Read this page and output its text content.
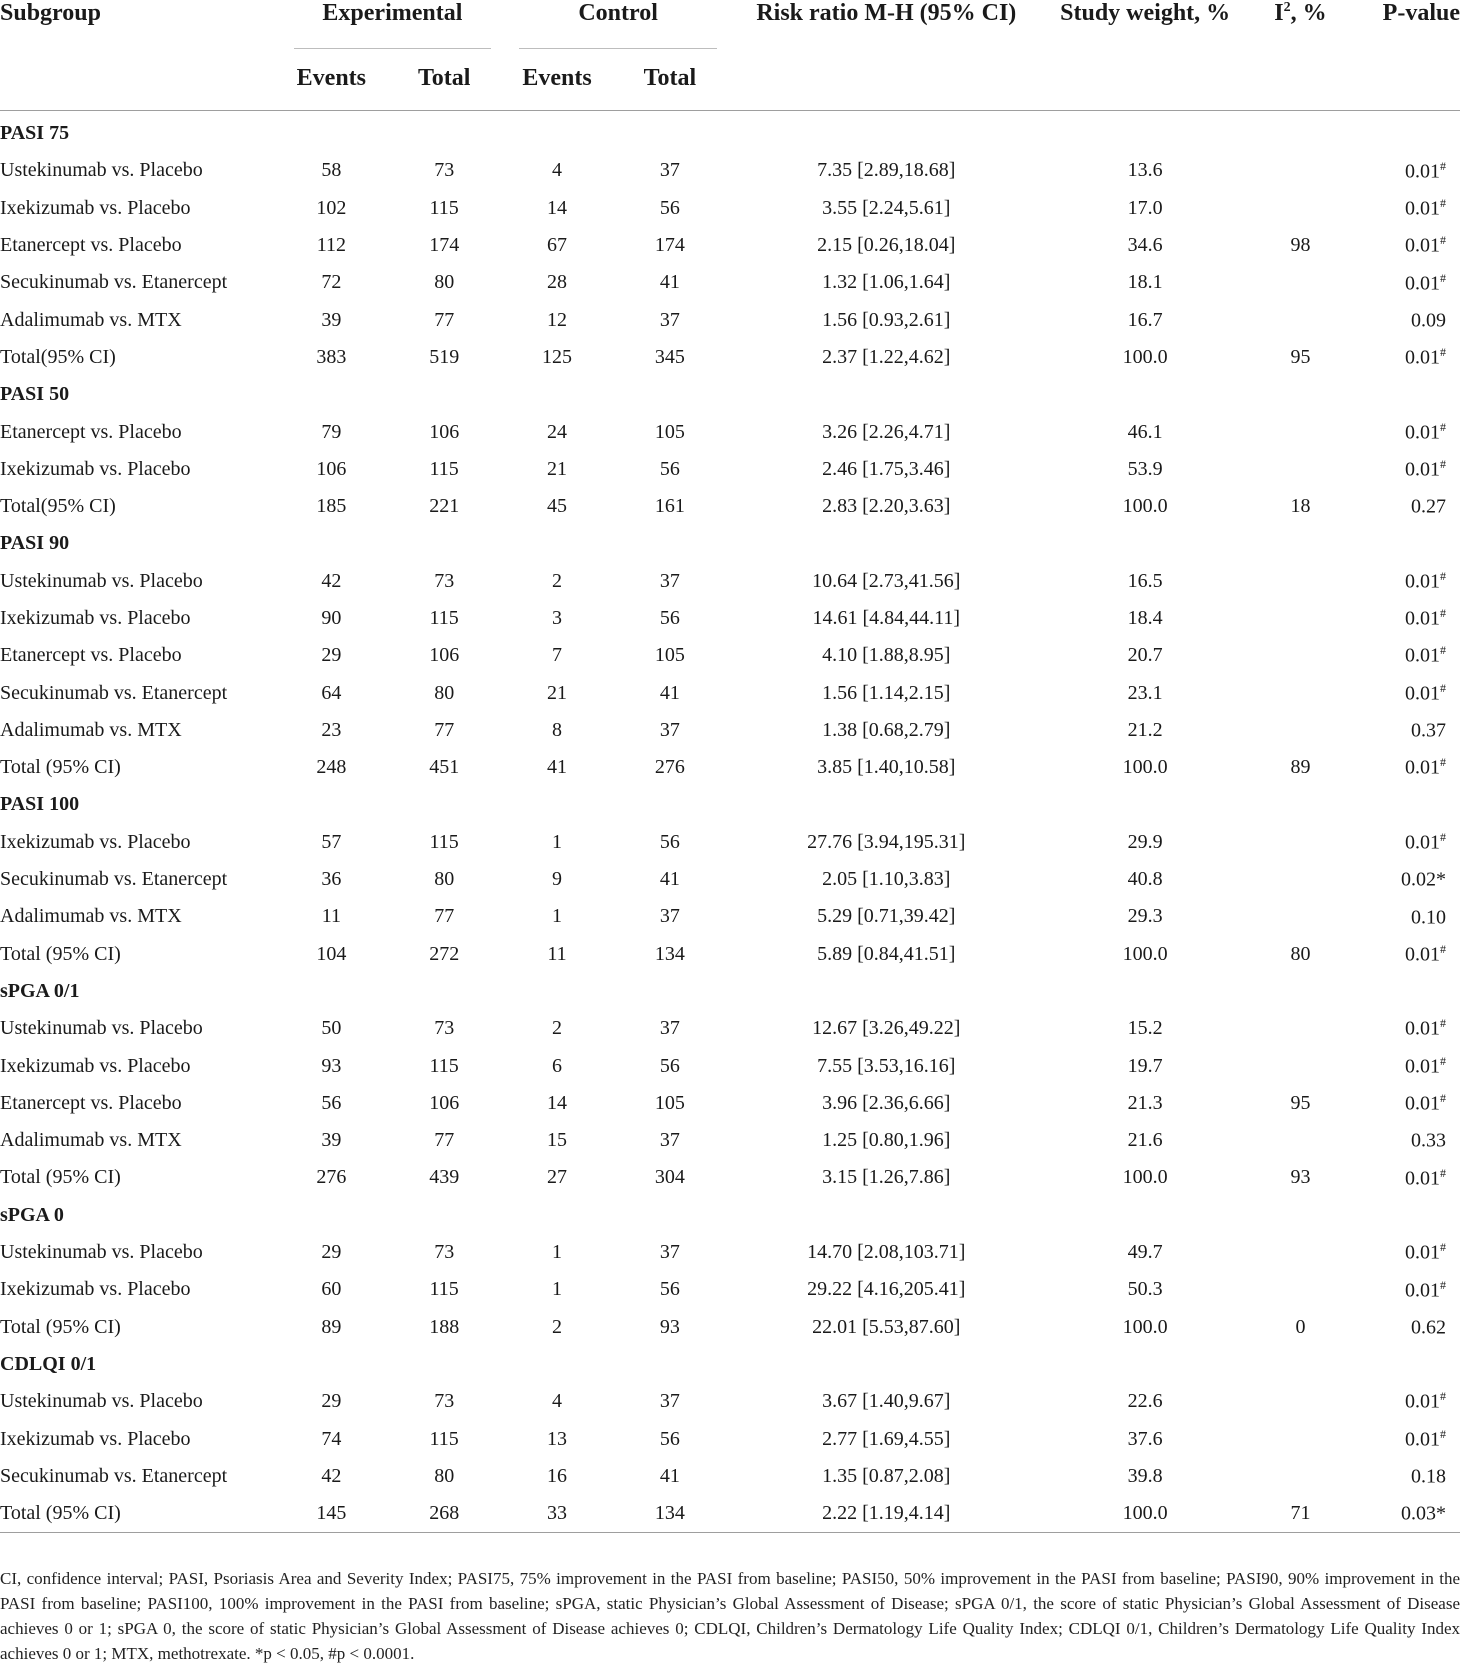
Subgroup	Experimental		Control		Risk ratio M-H (95% CI)	Study weight, %	$I^2$, %	P-value

	Events	Total	Events	Total				

PASI 75								
Ustekinumab vs. Placebo	58	73	4	37	7.35 [2.89,18.68]	13.6		0.01#
Ixekizumab vs. Placebo	102	115	14	56	3.55 [2.24,5.61]	17.0		0.01#
Etanercept vs. Placebo	112	174	67	174	2.15 [0.26,18.04]	34.6	98	0.01#
Secukinumab vs. Etanercept	72	80	28	41	1.32 [1.06,1.64]	18.1		0.01#
Adalimumab vs. MTX	39	77	12	37	1.56 [0.93,2.61]	16.7		0.09
Total(95% CI)	383	519	125	345	2.37 [1.22,4.62]	100.0	95	0.01#
PASI 50								
Etanercept vs. Placebo	79	106	24	105	3.26 [2.26,4.71]	46.1		0.01#
Ixekizumab vs. Placebo	106	115	21	56	2.46 [1.75,3.46]	53.9		0.01#
Total(95% CI)	185	221	45	161	2.83 [2.20,3.63]	100.0	18	0.27
PASI 90								
Ustekinumab vs. Placebo	42	73	2	37	10.64 [2.73,41.56]	16.5		0.01#
Ixekizumab vs. Placebo	90	115	3	56	14.61 [4.84,44.11]	18.4		0.01#
Etanercept vs. Placebo	29	106	7	105	4.10 [1.88,8.95]	20.7		0.01#
Secukinumab vs. Etanercept	64	80	21	41	1.56 [1.14,2.15]	23.1		0.01#
Adalimumab vs. MTX	23	77	8	37	1.38 [0.68,2.79]	21.2		0.37
Total (95% CI)	248	451	41	276	3.85 [1.40,10.58]	100.0	89	0.01#
PASI 100								
Ixekizumab vs. Placebo	57	115	1	56	27.76 [3.94,195.31]	29.9		0.01#
Secukinumab vs. Etanercept	36	80	9	41	2.05 [1.10,3.83]	40.8		0.02*
Adalimumab vs. MTX	11	77	1	37	5.29 [0.71,39.42]	29.3		0.10
Total (95% CI)	104	272	11	134	5.89 [0.84,41.51]	100.0	80	0.01#
sPGA 0/1								
Ustekinumab vs. Placebo	50	73	2	37	12.67 [3.26,49.22]	15.2		0.01#
Ixekizumab vs. Placebo	93	115	6	56	7.55 [3.53,16.16]	19.7		0.01#
Etanercept vs. Placebo	56	106	14	105	3.96 [2.36,6.66]	21.3	95	0.01#
Adalimumab vs. MTX	39	77	15	37	1.25 [0.80,1.96]	21.6		0.33
Total (95% CI)	276	439	27	304	3.15 [1.26,7.86]	100.0	93	0.01#
sPGA 0								
Ustekinumab vs. Placebo	29	73	1	37	14.70 [2.08,103.71]	49.7		0.01#
Ixekizumab vs. Placebo	60	115	1	56	29.22 [4.16,205.41]	50.3		0.01#
Total (95% CI)	89	188	2	93	22.01 [5.53,87.60]	100.0	0	0.62
CDLQI 0/1								
Ustekinumab vs. Placebo	29	73	4	37	3.67 [1.40,9.67]	22.6		0.01#
Ixekizumab vs. Placebo	74	115	13	56	2.77 [1.69,4.55]	37.6		0.01#
Secukinumab vs. Etanercept	42	80	16	41	1.35 [0.87,2.08]	39.8		0.18
Total (95% CI)	145	268	33	134	2.22 [1.19,4.14]	100.0	71	0.03*

CI, confidence interval; PASI, Psoriasis Area and Severity Index; PASI75, 75% improvement in the PASI from baseline; PASI50, 50% improvement in the PASI from baseline; PASI90, 90% improvement in the PASI from baseline; PASI100, 100% improvement in the PASI from baseline; sPGA, static Physician’s Global Assessment of Disease; sPGA 0/1, the score of static Physician’s Global Assessment of Disease achieves 0 or 1; sPGA 0, the score of static Physician’s Global Assessment of Disease achieves 0; CDLQI, Children’s Dermatology Life Quality Index; CDLQI 0/1, Children’s Dermatology Life Quality Index achieves 0 or 1; MTX, methotrexate. *p < 0.05, #p < 0.0001.
